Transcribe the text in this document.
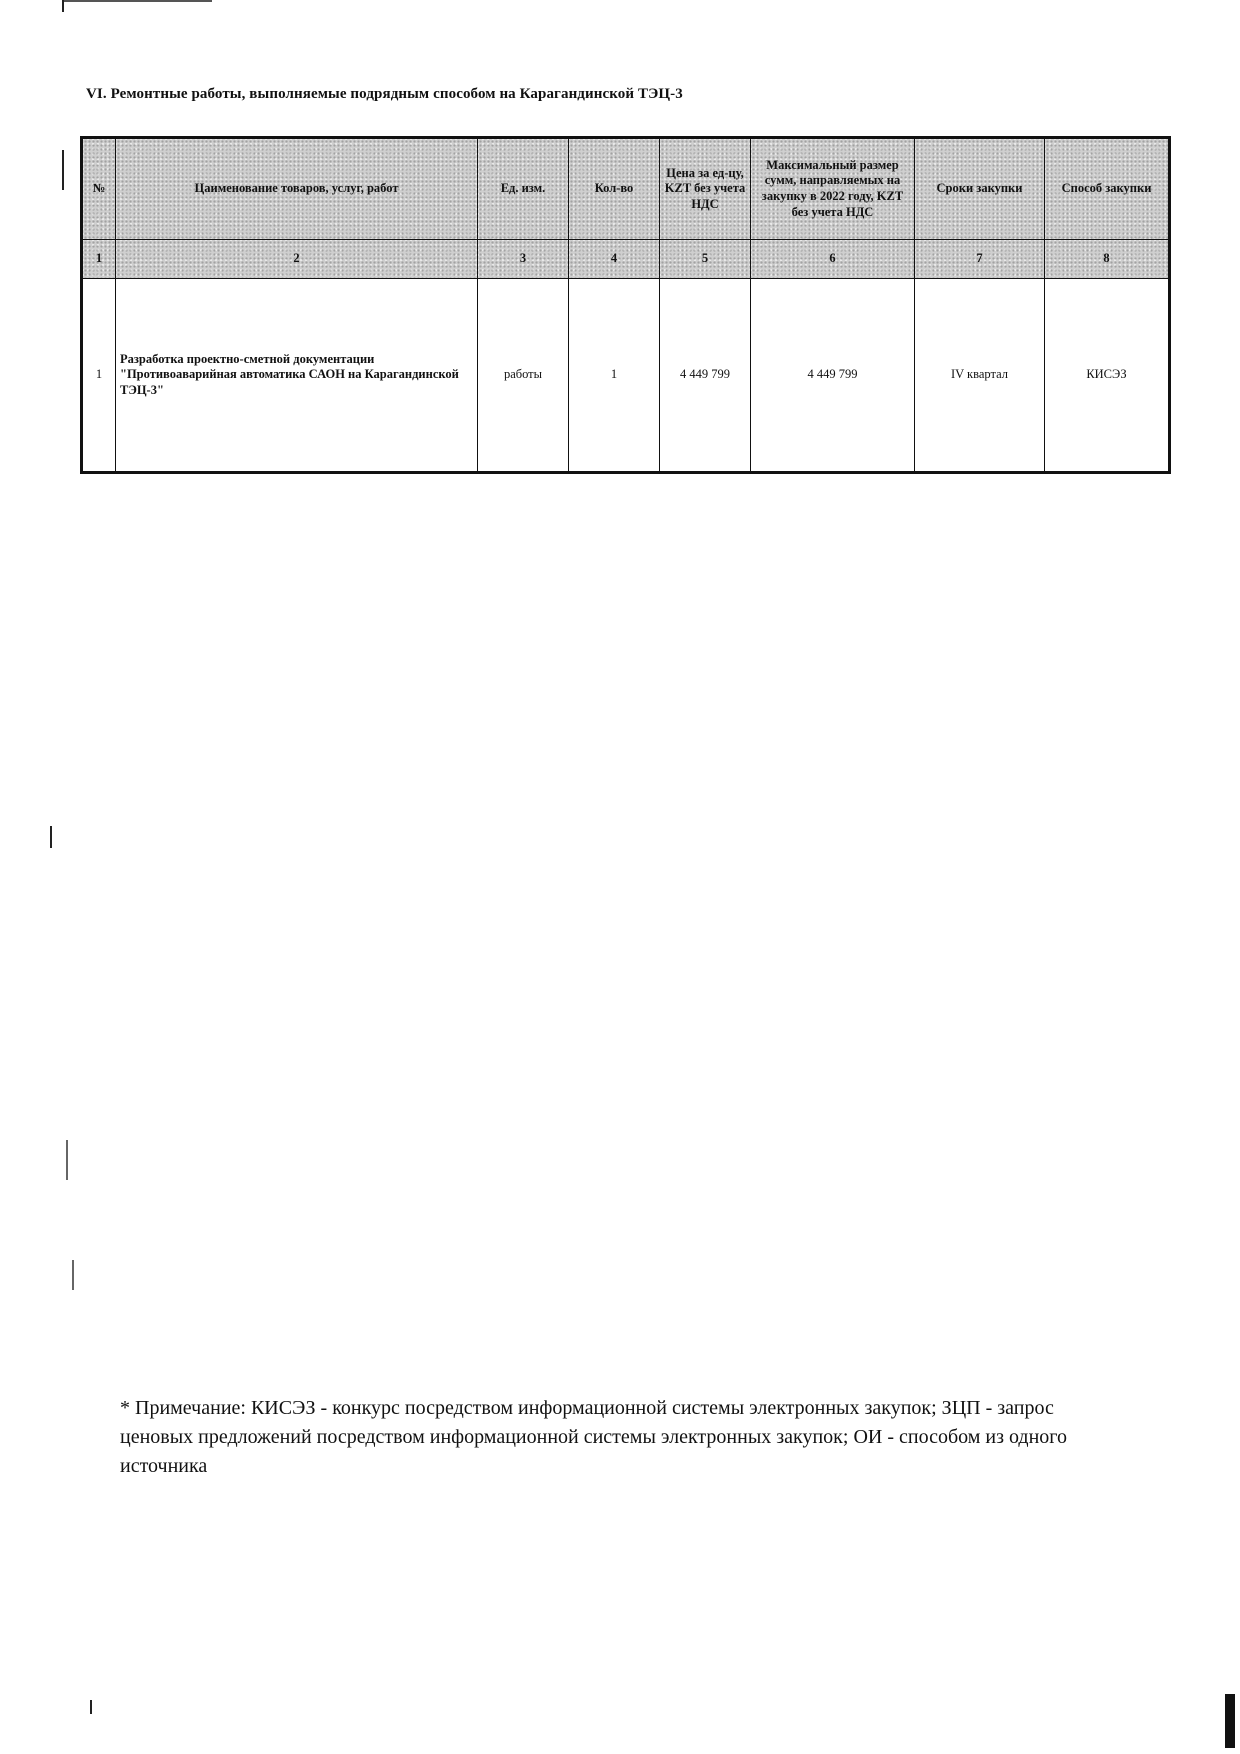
VI. Ремонтные работы, выполняемые подрядным способом на Карагандинской ТЭЦ-3
№	Цаименование товаров, услуг, работ	Ед. изм.	Кол-во	Цена за ед-цу, KZT без учета НДС	Максимальный размер сумм, направляемых на закупку в 2022 году, KZT без учета НДС	Сроки закупки	Способ закупки
1	2	3	4	5	6	7	8
1	Разработка проектно-сметной документации "Противоаварийная автоматика САОН на Карагандинской ТЭЦ-3"	работы	1	4 449 799	4 449 799	IV квартал	КИСЭЗ
* Примечание: КИСЭЗ - конкурс посредством информационной системы электронных закупок; ЗЦП - запрос ценовых предложений посредством информационной системы электронных закупок; ОИ - способом из одного источника
